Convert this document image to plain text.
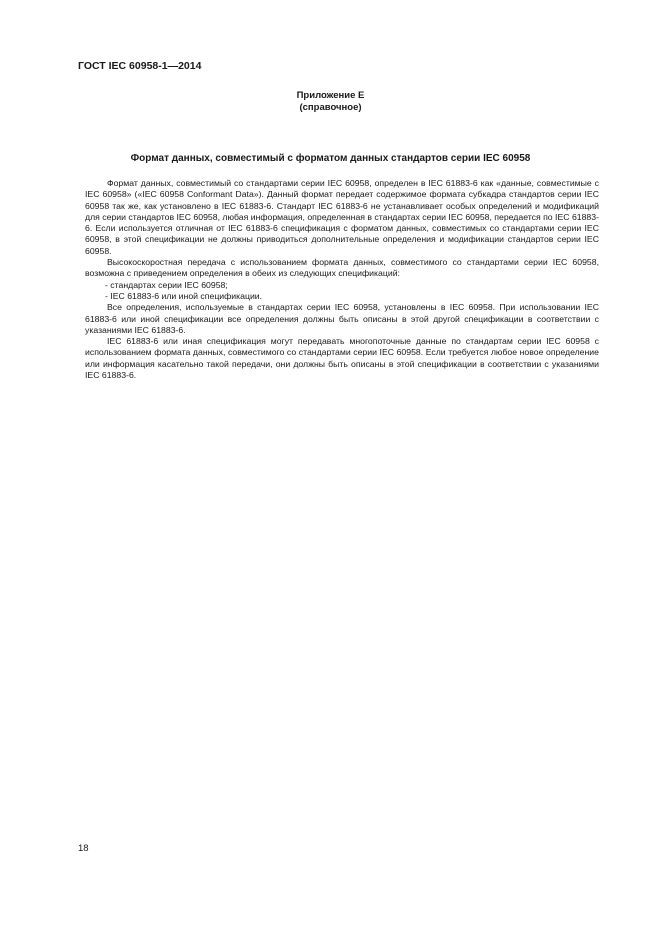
ГОСТ IEC 60958-1—2014
Приложение E
(справочное)
Формат данных, совместимый с форматом данных стандартов серии IEC 60958

Формат данных, совместимый со стандартами серии IEC 60958, определен в IEC 61883-6 как «данные, совместимые с IEC 60958» («IEC 60958 Conformant Data»). Данный формат передает содержимое формата субкадра стандартов серии IEC 60958 так же, как установлено в IEC 61883-6. Стандарт IEC 61883-6 не устанавливает особых определений и модификаций для серии стандартов IEC 60958, любая информация, определенная в стандартах серии IEC 60958, передается по IEC 61883-6. Если используется отличная от IEC 61883-6 спецификация с форматом данных, совместимых со стандартами серии IEC 60958, в этой спецификации не должны приводиться дополнительные определения и модификации стандартов серии IEC 60958.

Высокоскоростная передача с использованием формата данных, совместимого со стандартами серии IEC 60958, возможна с приведением определения в обеих из следующих спецификаций:

- стандартах серии IEC 60958;

- IEC 61883-6 или иной спецификации.

Все определения, используемые в стандартах серии IEC 60958, установлены в IEC 60958. При использовании IEC 61883-6 или иной спецификации все определения должны быть описаны в этой другой спецификации в соответствии с указаниями IEC 61883-6.

IEC 61883-6 или иная спецификация могут передавать многопоточные данные по стандартам серии IEC 60958 с использованием формата данных, совместимого со стандартами серии IEC 60958. Если требуется любое новое определение или информация касательно такой передачи, они должны быть описаны в этой спецификации в соответствии с указаниями IEC 61883-6.

18
